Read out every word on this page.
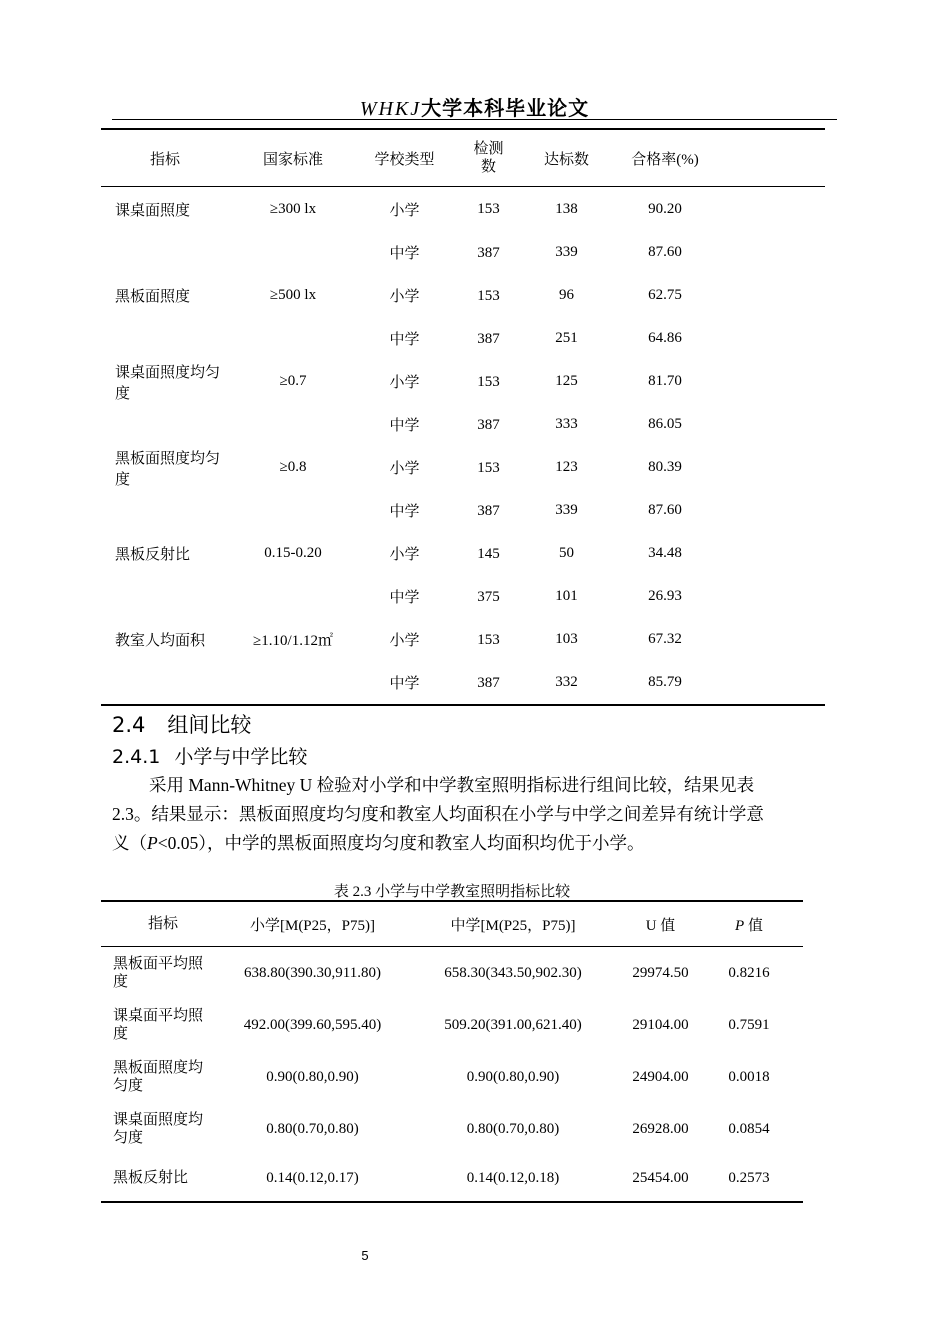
WHKJ大学本科毕业论文
指标	国家标准	学校类型
检测
数	达标数	合格率(%)
课桌面照度	≥300 lx	小学	153	138	90.20
中学	387	339	87.60
黑板面照度	≥500 lx	小学	153	96	62.75
中学	387	251	64.86
课桌面照度均匀度
≥0.7	小学	153	125	81.70
中学	387	333	86.05
黑板面照度均匀度
≥0.8	小学	153	123	80.39
中学	387	339	87.60
黑板反射比	0.15-0.20	小学	145	50	34.48
中学	375	101	26.93
教室人均面积	≥1.10/1.12㎡	小学	153	103	67.32
中学	387	332	85.79
2.4 组间比较
2.4.1 小学与中学比较
采用 Mann-Whitney U 检验对小学和中学教室照明指标进行组间比较，结果见表
2.3。结果显示：黑板面照度均匀度和教室人均面积在小学与中学之间差异有统计学意
义（P<0.05），中学的黑板面照度均匀度和教室人均面积均优于小学。
表 2.3 小学与中学教室照明指标比较
指标	小学[M(P25，P75)]	中学[M(P25，P75)]	U 值	P 值
黑板面平均照
度
638.80(390.30,911.80)	658.30(343.50,902.30)	29974.50	0.8216
课桌面平均照
度
492.00(399.60,595.40)	509.20(391.00,621.40)	29104.00	0.7591
黑板面照度均
匀度
0.90(0.80,0.90)	0.90(0.80,0.90)	24904.00	0.0018
课桌面照度均
匀度
0.80(0.70,0.80)	0.80(0.70,0.80)	26928.00	0.0854
黑板反射比	0.14(0.12,0.17)	0.14(0.12,0.18)	25454.00	0.2573
5
